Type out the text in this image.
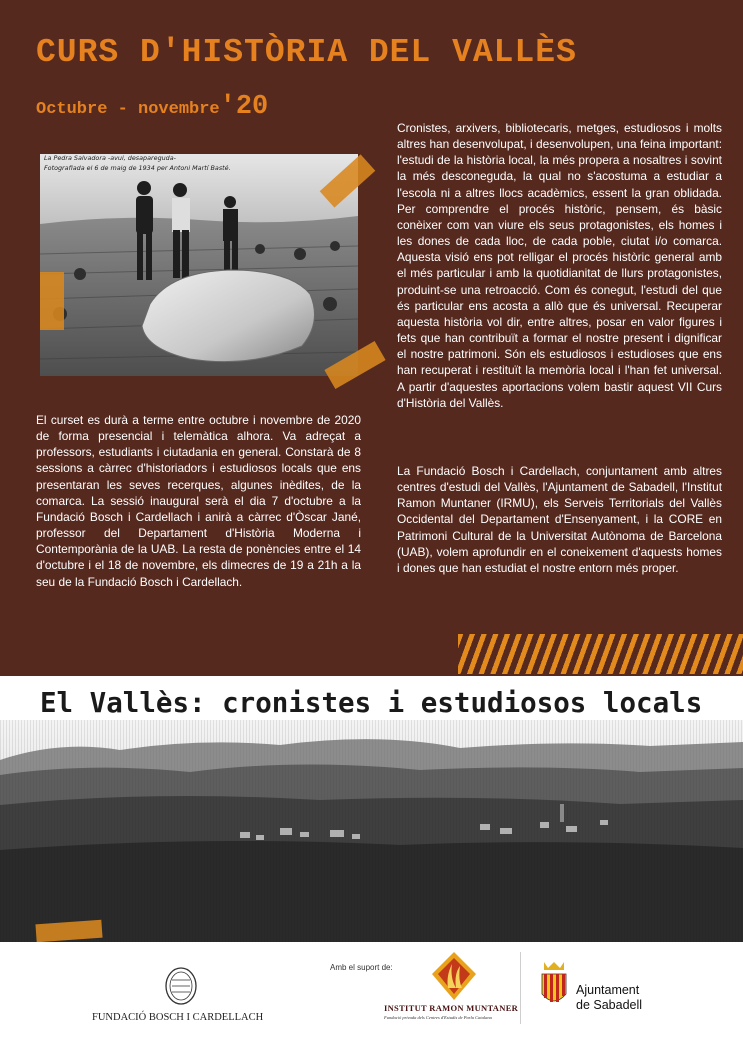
CURS D'HISTÒRIA DEL VALLÈS
Octubre - novembre'20
La Pedra Salvadora -avui, desapareguda-
Fotografiada el 6 de maig de 1934 per Antoni Martí Basté.

El curset es durà a terme entre octubre i novembre de 2020 de forma presencial i telemàtica alhora. Va adreçat a professors, estudiants i ciutadania en general. Constarà de 8 sessions a càrrec d'historiadors i estudiosos locals que ens presentaran les seves recerques, algunes inèdites, de la comarca. La sessió inaugural serà el dia 7 d'octubre a la Fundació Bosch i Cardellach i anirà a càrrec d'Òscar Jané, professor del Departament d'Història Moderna i Contemporània de la UAB. La resta de ponències entre el 14 d'octubre i el 18 de novembre, els dimecres de 19 a 21h a la seu de la Fundació Bosch i Cardellach.

Cronistes, arxivers, bibliotecaris, metges, estudiosos i molts altres han desenvolupat, i desenvolupen, una feina important: l'estudi de la història local, la més propera a nosaltres i sovint la més desconeguda, la qual no s'acostuma a estudiar a l'escola ni a altres llocs acadèmics, essent la gran oblidada. Per comprendre el procés històric, pensem, és bàsic conèixer com van viure els seus protagonistes, els homes i les dones de cada lloc, de cada poble, ciutat i/o comarca. Aquesta visió ens pot relligar el procés històric general amb el més particular i amb la quotidianitat de llurs protagonistes, produint-se una retroacció. Com és conegut, l'estudi del que és particular ens acosta a allò que és universal. Recuperar aquesta història vol dir, entre altres, posar en valor figures i fets que han contribuït a formar el nostre present i dignificar el nostre patrimoni. Són els estudiosos i estudioses que ens han recuperat i restituït la memòria local i l'han fet universal. A partir d'aquestes aportacions volem bastir aquest VII Curs d'Història del Vallès.

La Fundació Bosch i Cardellach, conjuntament amb altres centres d'estudi del Vallès, l'Ajuntament de Sabadell, l'Institut Ramon Muntaner (IRMU), els Serveis Territorials del Vallès Occidental del Departament d'Ensenyament, i la CORE en Patrimoni Cultural de la Universitat Autònoma de Barcelona (UAB), volem aprofundir en el coneixement d'aquests homes i dones que han estudiat el nostre entorn més proper.

El Vallès: cronistes i estudiosos locals
FUNDACIÓ BOSCH I CARDELLACH
Amb el suport de:
INSTITUT RAMON MUNTANER
Fundació privada dels Centres d'Estudis de Parla Catalana
Ajuntament
de Sabadell
